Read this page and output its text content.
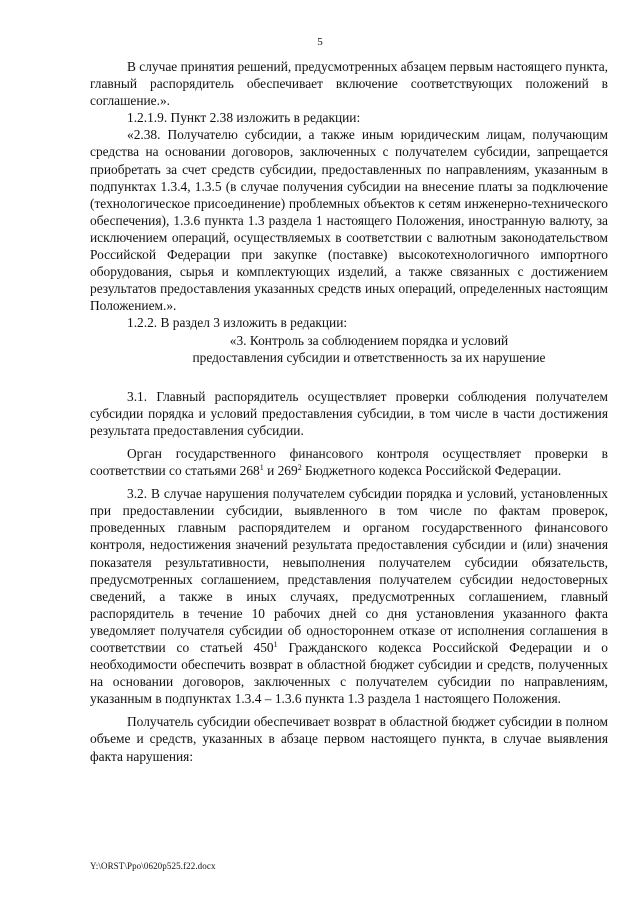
5

В случае принятия решений, предусмотренных абзацем первым настоящего пункта, главный распорядитель обеспечивает включение соответствующих положений в соглашение.».

1.2.1.9. Пункт 2.38 изложить в редакции:

«2.38. Получателю субсидии, а также иным юридическим лицам, получающим средства на основании договоров, заключенных с получателем субсидии, запрещается приобретать за счет средств субсидии, предоставленных по направлениям, указанным в подпунктах 1.3.4, 1.3.5 (в случае получения субсидии на внесение платы за подключение (технологическое присоединение) проблемных объектов к сетям инженерно-технического обеспечения), 1.3.6 пункта 1.3 раздела 1 настоящего Положения, иностранную валюту, за исключением операций, осуществляемых в соответствии с валютным законодательством Российской Федерации при закупке (поставке) высокотехнологичного импортного оборудования, сырья и комплектующих изделий, а также связанных с достижением результатов предоставления указанных средств иных операций, определенных настоящим Положением.».

1.2.2. В раздел 3 изложить в редакции:

«3. Контроль за соблюдением порядка и условий
предоставления субсидии и ответственность за их нарушение

3.1. Главный распорядитель осуществляет проверки соблюдения получателем субсидии порядка и условий предоставления субсидии, в том числе в части достижения результата предоставления субсидии.

Орган государственного финансового контроля осуществляет проверки в соответствии со статьями $268^1$ и $269^2$ Бюджетного кодекса Российской Федерации.

3.2. В случае нарушения получателем субсидии порядка и условий, установленных при предоставлении субсидии, выявленного в том числе по фактам проверок, проведенных главным распорядителем и органом государственного финансового контроля, недостижения значений результата предоставления субсидии и (или) значения показателя результативности, невыполнения получателем субсидии обязательств, предусмотренных соглашением, представления получателем субсидии недостоверных сведений, а также в иных случаях, предусмотренных соглашением, главный распорядитель в течение 10 рабочих дней со дня установления указанного факта уведомляет получателя субсидии об одностороннем отказе от исполнения соглашения в соответствии со статьей $450^1$ Гражданского кодекса Российской Федерации и о необходимости обеспечить возврат в областной бюджет субсидии и средств, полученных на основании договоров, заключенных с получателем субсидии по направлениям, указанным в подпунктах 1.3.4 – 1.3.6 пункта 1.3 раздела 1 настоящего Положения.

Получатель субсидии обеспечивает возврат в областной бюджет субсидии в полном объеме и средств, указанных в абзаце первом настоящего пункта, в случае выявления факта нарушения:

Y:\ORST\Ppo\0620p525.f22.docx
